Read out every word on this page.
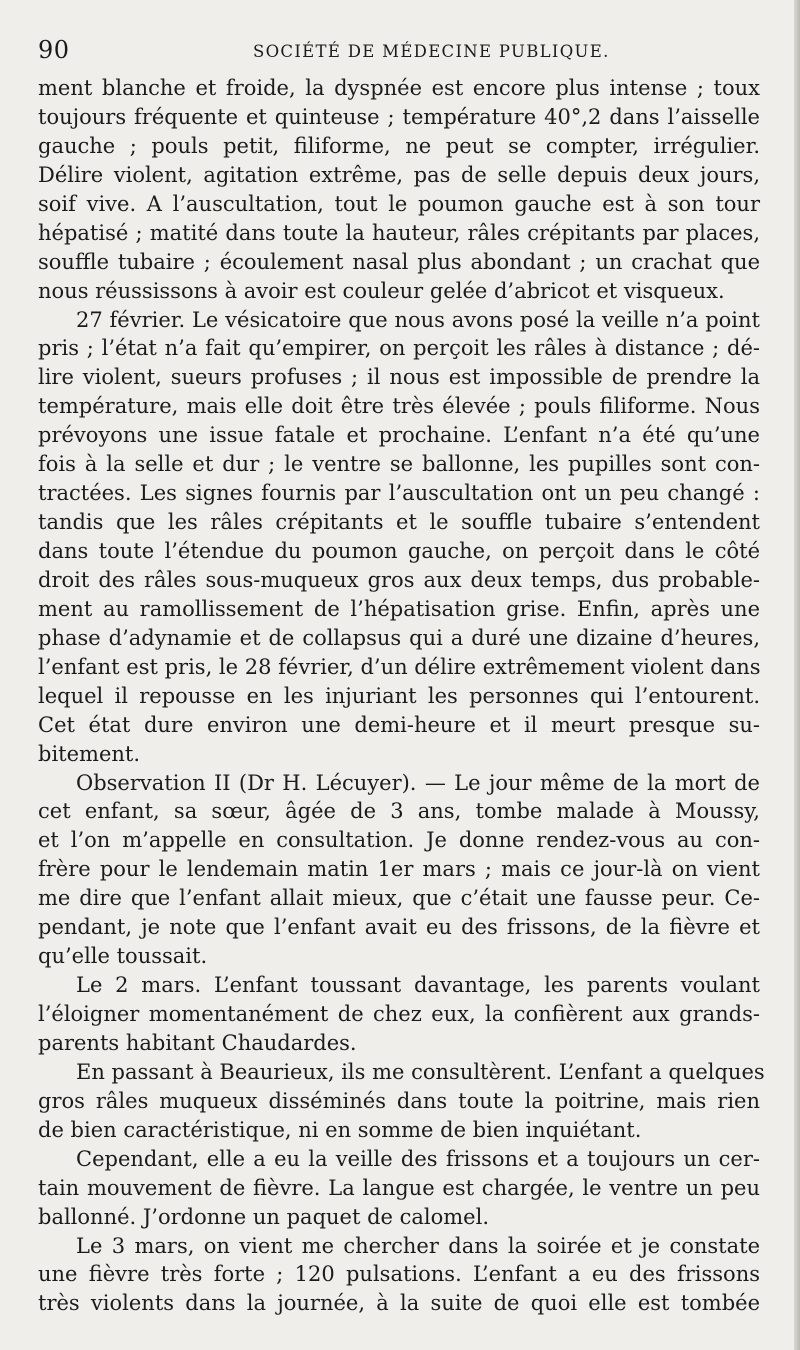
90	SOCIÉTÉ DE MÉDECINE PUBLIQUE.
ment blanche et froide, la dyspnée est encore plus intense ; toux
toujours fréquente et quinteuse ; température 40°,2 dans l’aisselle
gauche ; pouls petit, filiforme, ne peut se compter, irrégulier.
Délire violent, agitation extrême, pas de selle depuis deux jours,
soif vive. A l’auscultation, tout le poumon gauche est à son tour
hépatisé ; matité dans toute la hauteur, râles crépitants par places,
souffle tubaire ; écoulement nasal plus abondant ; un crachat que
nous réussissons à avoir est couleur gelée d’abricot et visqueux.
27 février. Le vésicatoire que nous avons posé la veille n’a point
pris ; l’état n’a fait qu’empirer, on perçoit les râles à distance ; dé-
lire violent, sueurs profuses ; il nous est impossible de prendre la
température, mais elle doit être très élevée ; pouls filiforme. Nous
prévoyons une issue fatale et prochaine. L’enfant n’a été qu’une
fois à la selle et dur ; le ventre se ballonne, les pupilles sont con-
tractées. Les signes fournis par l’auscultation ont un peu changé :
tandis que les râles crépitants et le souffle tubaire s’entendent
dans toute l’étendue du poumon gauche, on perçoit dans le côté
droit des râles sous-muqueux gros aux deux temps, dus probable-
ment au ramollissement de l’hépatisation grise. Enfin, après une
phase d’adynamie et de collapsus qui a duré une dizaine d’heures,
l’enfant est pris, le 28 février, d’un délire extrêmement violent dans
lequel il repousse en les injuriant les personnes qui l’entourent.
Cet état dure environ une demi-heure et il meurt presque su-
bitement.
Observation II (Dr H. Lécuyer). — Le jour même de la mort de
cet enfant, sa sœur, âgée de 3 ans, tombe malade à Moussy,
et l’on m’appelle en consultation. Je donne rendez-vous au con-
frère pour le lendemain matin 1er mars ; mais ce jour-là on vient
me dire que l’enfant allait mieux, que c’était une fausse peur. Ce-
pendant, je note que l’enfant avait eu des frissons, de la fièvre et
qu’elle toussait.
Le 2 mars. L’enfant toussant davantage, les parents voulant
l’éloigner momentanément de chez eux, la confièrent aux grands-
parents habitant Chaudardes.
En passant à Beaurieux, ils me consultèrent. L’enfant a quelques
gros râles muqueux disséminés dans toute la poitrine, mais rien
de bien caractéristique, ni en somme de bien inquiétant.
Cependant, elle a eu la veille des frissons et a toujours un cer-
tain mouvement de fièvre. La langue est chargée, le ventre un peu
ballonné. J’ordonne un paquet de calomel.
Le 3 mars, on vient me chercher dans la soirée et je constate
une fièvre très forte ; 120 pulsations. L’enfant a eu des frissons
très violents dans la journée, à la suite de quoi elle est tombée
